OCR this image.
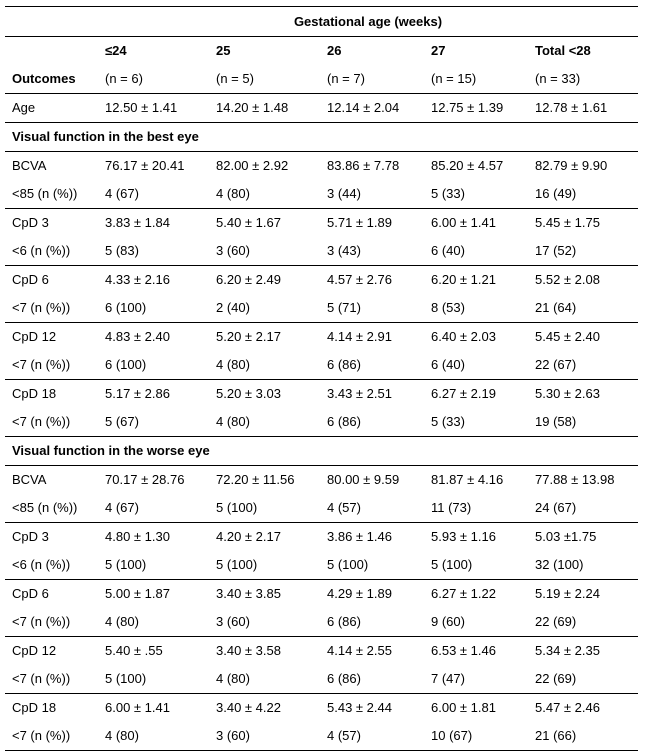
	Gestational age (weeks)				
	≤24	25	26	27	Total <28
Outcomes	(n = 6)	(n = 5)	(n = 7)	(n = 15)	(n = 33)
Age	12.50 ± 1.41	14.20 ± 1.48	12.14 ± 2.04	12.75 ± 1.39	12.78 ± 1.61
Visual function in the best eye					
BCVA	76.17 ± 20.41	82.00 ± 2.92	83.86 ± 7.78	85.20 ± 4.57	82.79 ± 9.90
<85 (n (%))	4 (67)	4 (80)	3 (44)	5 (33)	16 (49)
CpD 3	3.83 ± 1.84	5.40 ± 1.67	5.71 ± 1.89	6.00 ± 1.41	5.45 ± 1.75
<6 (n (%))	5 (83)	3 (60)	3 (43)	6 (40)	17 (52)
CpD 6	4.33 ± 2.16	6.20 ± 2.49	4.57 ± 2.76	6.20 ± 1.21	5.52 ± 2.08
<7 (n (%))	6 (100)	2 (40)	5 (71)	8 (53)	21 (64)
CpD 12	4.83 ± 2.40	5.20 ± 2.17	4.14 ± 2.91	6.40 ± 2.03	5.45 ± 2.40
<7 (n (%))	6 (100)	4 (80)	6 (86)	6 (40)	22 (67)
CpD 18	5.17 ± 2.86	5.20 ± 3.03	3.43 ± 2.51	6.27 ± 2.19	5.30 ± 2.63
<7 (n (%))	5 (67)	4 (80)	6 (86)	5 (33)	19 (58)
Visual function in the worse eye					
BCVA	70.17 ± 28.76	72.20 ± 11.56	80.00 ± 9.59	81.87 ± 4.16	77.88 ± 13.98
<85 (n (%))	4 (67)	5 (100)	4 (57)	11 (73)	24 (67)
CpD 3	4.80 ± 1.30	4.20 ± 2.17	3.86 ± 1.46	5.93 ± 1.16	5.03 ±1.75
<6 (n (%))	5 (100)	5 (100)	5 (100)	5 (100)	32 (100)
CpD 6	5.00 ± 1.87	3.40 ± 3.85	4.29 ± 1.89	6.27 ± 1.22	5.19 ± 2.24
<7 (n (%))	4 (80)	3 (60)	6 (86)	9 (60)	22 (69)
CpD 12	5.40 ± .55	3.40 ± 3.58	4.14 ± 2.55	6.53 ± 1.46	5.34 ± 2.35
<7 (n (%))	5 (100)	4 (80)	6 (86)	7 (47)	22 (69)
CpD 18	6.00 ± 1.41	3.40 ± 4.22	5.43 ± 2.44	6.00 ± 1.81	5.47 ± 2.46
<7 (n (%))	4 (80)	3 (60)	4 (57)	10 (67)	21 (66)
